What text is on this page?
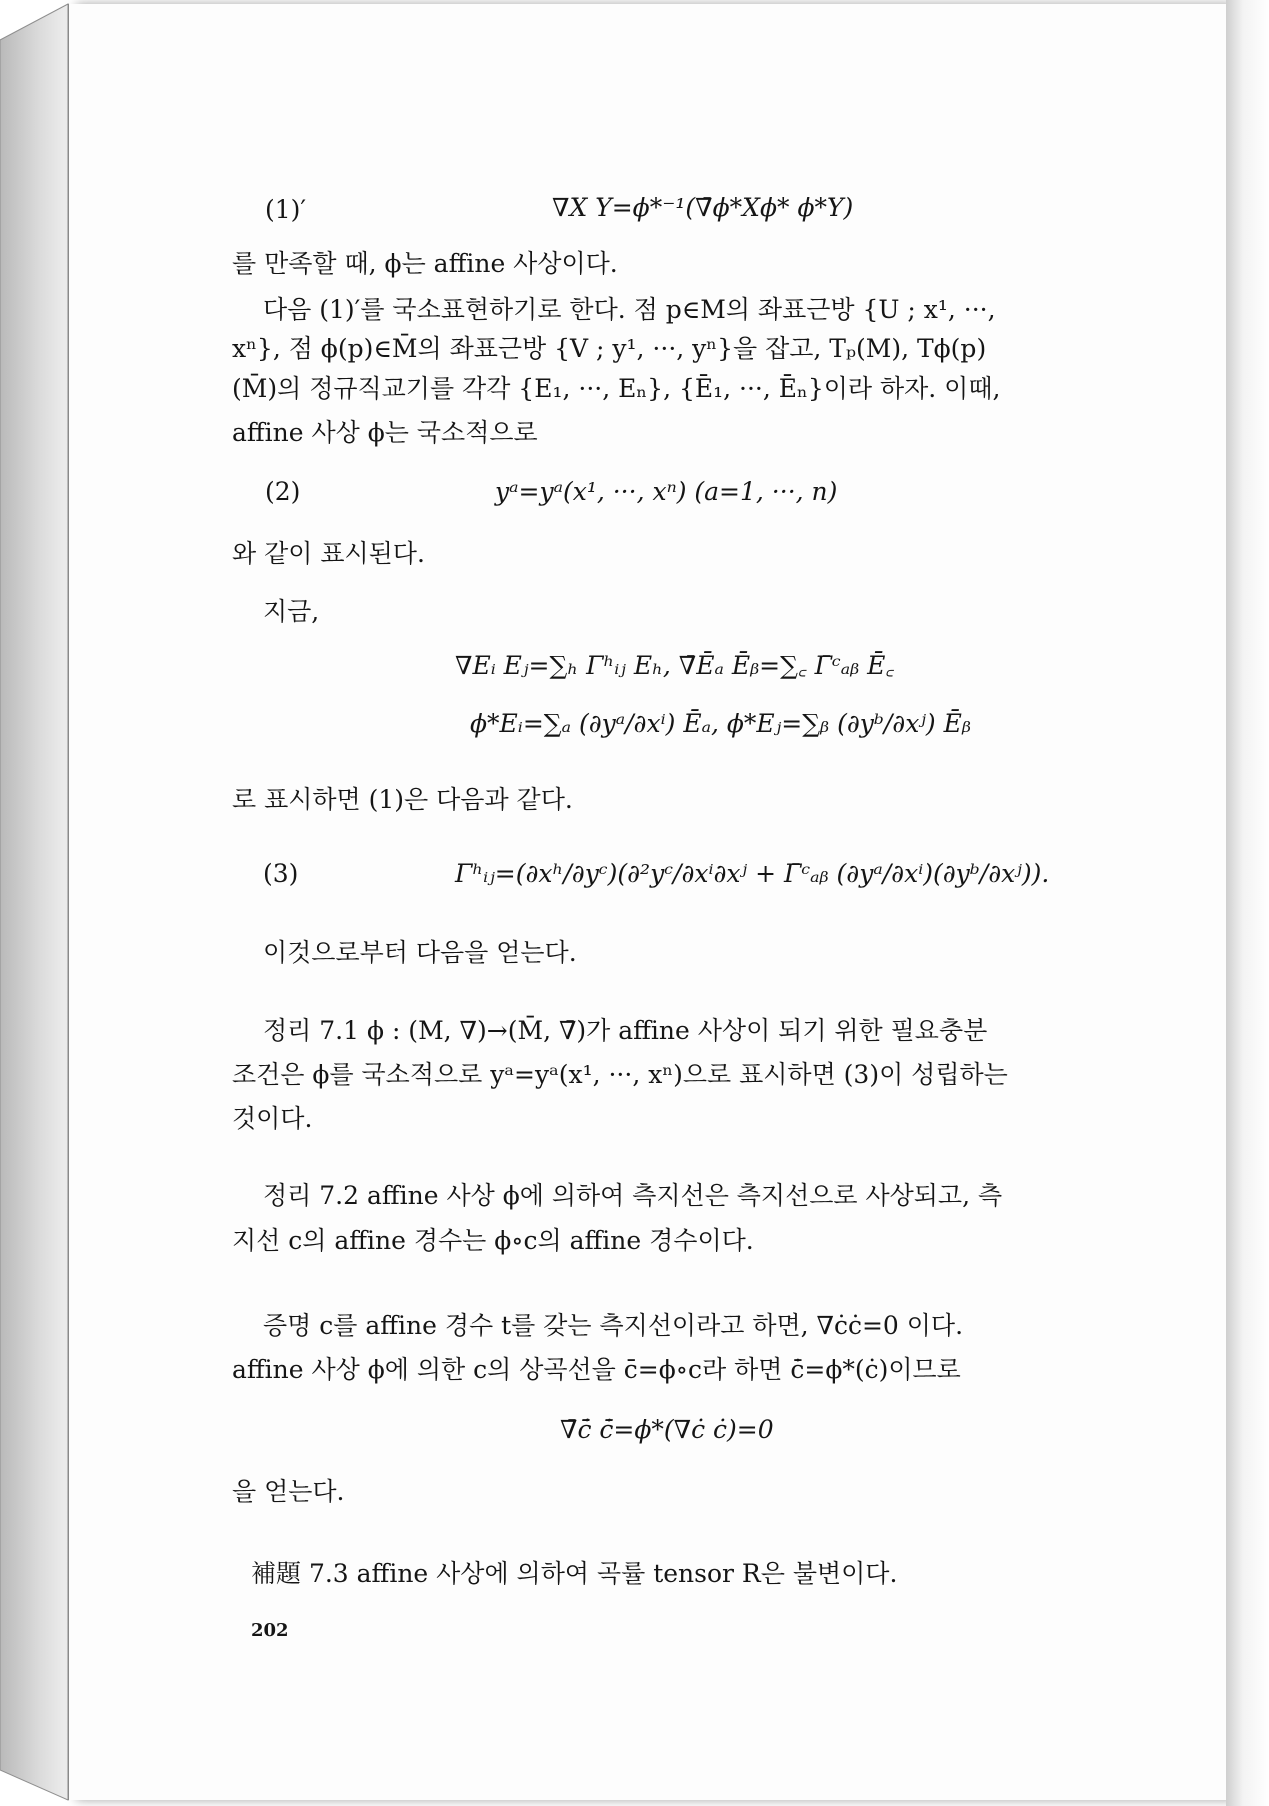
(1)′	∇X Y=ϕ*⁻¹(∇̄ϕ*Xϕ* ϕ*Y)
를 만족할 때, ϕ는 affine 사상이다.
다음 (1)′를 국소표현하기로 한다. 점 p∈M의 좌표근방 {U ; x¹, ···,
xⁿ}, 점 ϕ(p)∈M̄의 좌표근방 {V ; y¹, ···, yⁿ}을 잡고, Tₚ(M), Tϕ(p)
(M̄)의 정규직교기를 각각 {E₁, ···, Eₙ}, {Ē₁, ···, Ēₙ}이라 하자. 이때,
affine 사상 ϕ는 국소적으로
(2)	yᵃ=yᵃ(x¹, ···, xⁿ) (a=1, ···, n)
와 같이 표시된다.
지금,
∇Eᵢ Eⱼ=∑ₕ Γʰᵢⱼ Eₕ, ∇̄Ēₐ Ēᵦ=∑꜀ Γ̄ᶜₐᵦ Ē꜀
ϕ*Eᵢ=∑ₐ (∂yᵃ/∂xⁱ) Ēₐ, ϕ*Eⱼ=∑ᵦ (∂yᵇ/∂xʲ) Ēᵦ
로 표시하면 (1)은 다음과 같다.
(3)	Γʰᵢⱼ=(∂xʰ/∂yᶜ)(∂²yᶜ/∂xⁱ∂xʲ + Γ̄ᶜₐᵦ (∂yᵃ/∂xⁱ)(∂yᵇ/∂xʲ)).
이것으로부터 다음을 얻는다.
정리 7.1 ϕ : (M, ∇)→(M̄, ∇̄)가 affine 사상이 되기 위한 필요충분
조건은 ϕ를 국소적으로 yᵃ=yᵃ(x¹, ···, xⁿ)으로 표시하면 (3)이 성립하는
것이다.
정리 7.2 affine 사상 ϕ에 의하여 측지선은 측지선으로 사상되고, 측
지선 c의 affine 경수는 ϕ∘c의 affine 경수이다.
증명 c를 affine 경수 t를 갖는 측지선이라고 하면, ∇ċċ=0 이다.
affine 사상 ϕ에 의한 c의 상곡선을 c̄=ϕ∘c라 하면 c̄̇=ϕ*(ċ)이므로
∇̄ċ̄ c̄̇=ϕ*(∇ċ ċ)=0
을 얻는다.
補題 7.3 affine 사상에 의하여 곡률 tensor R은 불변이다.
202
